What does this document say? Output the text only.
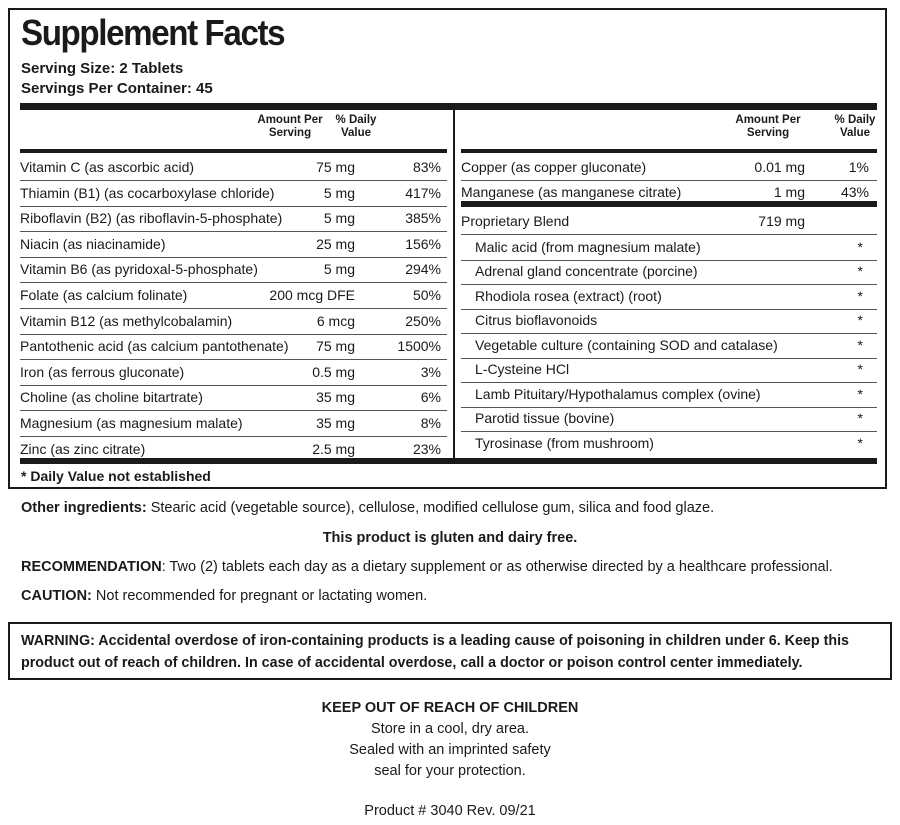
Supplement Facts
Serving Size: 2 Tablets
Servings Per Container: 45
Amount Per
Serving
% Daily
Value
Amount Per
Serving
% Daily
Value
Vitamin C (as ascorbic acid)	75 mg	83%
Thiamin (B1) (as cocarboxylase chloride)	5 mg	417%
Riboflavin (B2) (as riboflavin-5-phosphate)	5 mg	385%
Niacin (as niacinamide)	25 mg	156%
Vitamin B6 (as pyridoxal-5-phosphate)	5 mg	294%
Folate (as calcium folinate)	200 mcg DFE	50%
Vitamin B12 (as methylcobalamin)	6 mcg	250%
Pantothenic acid (as calcium pantothenate) 75 mg	1500%
Iron (as ferrous gluconate)	0.5 mg	3%
Choline (as choline bitartrate)	35 mg	6%
Magnesium (as magnesium malate)	35 mg	8%
Zinc (as zinc citrate)	2.5 mg	23%
Copper (as copper gluconate)	0.01 mg	1%
Manganese (as manganese citrate)	1 mg	43%
Proprietary Blend	719 mg
Malic acid (from magnesium malate)	*
Adrenal gland concentrate (porcine)	*
Rhodiola rosea (extract) (root)	*
Citrus bioflavonoids	*
Vegetable culture (containing SOD and catalase)	*
L-Cysteine HCl	*
Lamb Pituitary/Hypothalamus complex (ovine)	*
Parotid tissue (bovine)	*
Tyrosinase (from mushroom)	*
* Daily Value not established
Other ingredients: Stearic acid (vegetable source), cellulose, modified cellulose gum, silica and food glaze.
This product is gluten and dairy free.
RECOMMENDATION: Two (2) tablets each day as a dietary supplement or as otherwise directed by a healthcare professional.
CAUTION: Not recommended for pregnant or lactating women.
WARNING: Accidental overdose of iron-containing products is a leading cause of poisoning in children under 6. Keep this product out of reach of children. In case of accidental overdose, call a doctor or poison control center immediately.
KEEP OUT OF REACH OF CHILDREN
Store in a cool, dry area.
Sealed with an imprinted safety
seal for your protection.
Product # 3040 Rev. 09/21
